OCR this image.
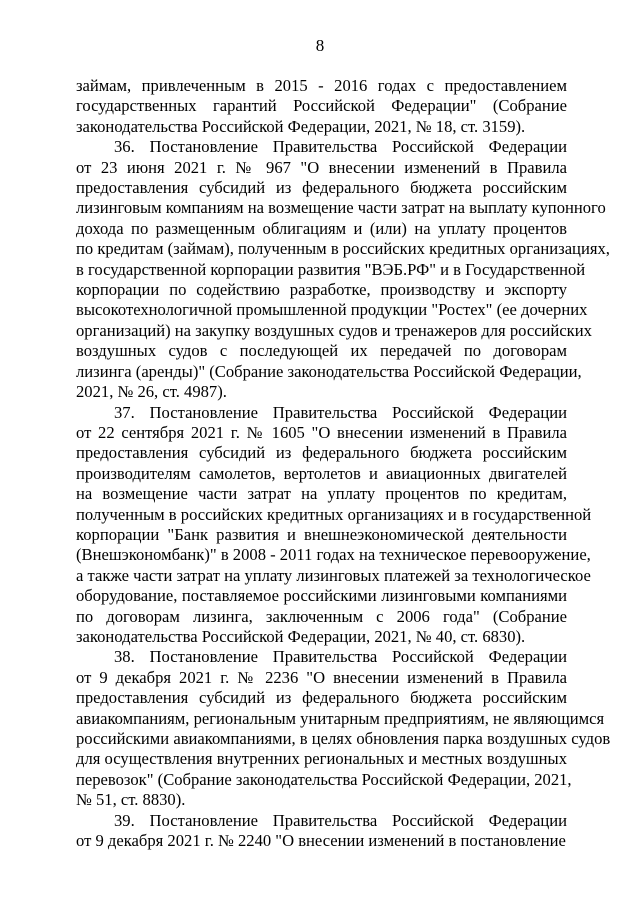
8
займам, привлеченным в 2015 - 2016 годах с предоставлением
государственных гарантий Российской Федерации" (Собрание
законодательства Российской Федерации, 2021, № 18, ст. 3159).
36. Постановление Правительства Российской Федерации
от 23 июня 2021 г. № 967 "О внесении изменений в Правила
предоставления субсидий из федерального бюджета российским
лизинговым компаниям на возмещение части затрат на выплату купонного
дохода по размещенным облигациям и (или) на уплату процентов
по кредитам (займам), полученным в российских кредитных организациях,
в государственной корпорации развития "ВЭБ.РФ" и в Государственной
корпорации по содействию разработке, производству и экспорту
высокотехнологичной промышленной продукции "Ростех" (ее дочерних
организаций) на закупку воздушных судов и тренажеров для российских
воздушных судов с последующей их передачей по договорам
лизинга (аренды)" (Собрание законодательства Российской Федерации,
2021, № 26, ст. 4987).
37. Постановление Правительства Российской Федерации
от 22 сентября 2021 г. № 1605 "О внесении изменений в Правила
предоставления субсидий из федерального бюджета российским
производителям самолетов, вертолетов и авиационных двигателей
на возмещение части затрат на уплату процентов по кредитам,
полученным в российских кредитных организациях и в государственной
корпорации "Банк развития и внешнеэкономической деятельности
(Внешэкономбанк)" в 2008 - 2011 годах на техническое перевооружение,
а также части затрат на уплату лизинговых платежей за технологическое
оборудование, поставляемое российскими лизинговыми компаниями
по договорам лизинга, заключенным с 2006 года" (Собрание
законодательства Российской Федерации, 2021, № 40, ст. 6830).
38. Постановление Правительства Российской Федерации
от 9 декабря 2021 г. № 2236 "О внесении изменений в Правила
предоставления субсидий из федерального бюджета российским
авиакомпаниям, региональным унитарным предприятиям, не являющимся
российскими авиакомпаниями, в целях обновления парка воздушных судов
для осуществления внутренних региональных и местных воздушных
перевозок" (Собрание законодательства Российской Федерации, 2021,
№ 51, ст. 8830).
39. Постановление Правительства Российской Федерации
от 9 декабря 2021 г. № 2240 "О внесении изменений в постановление
